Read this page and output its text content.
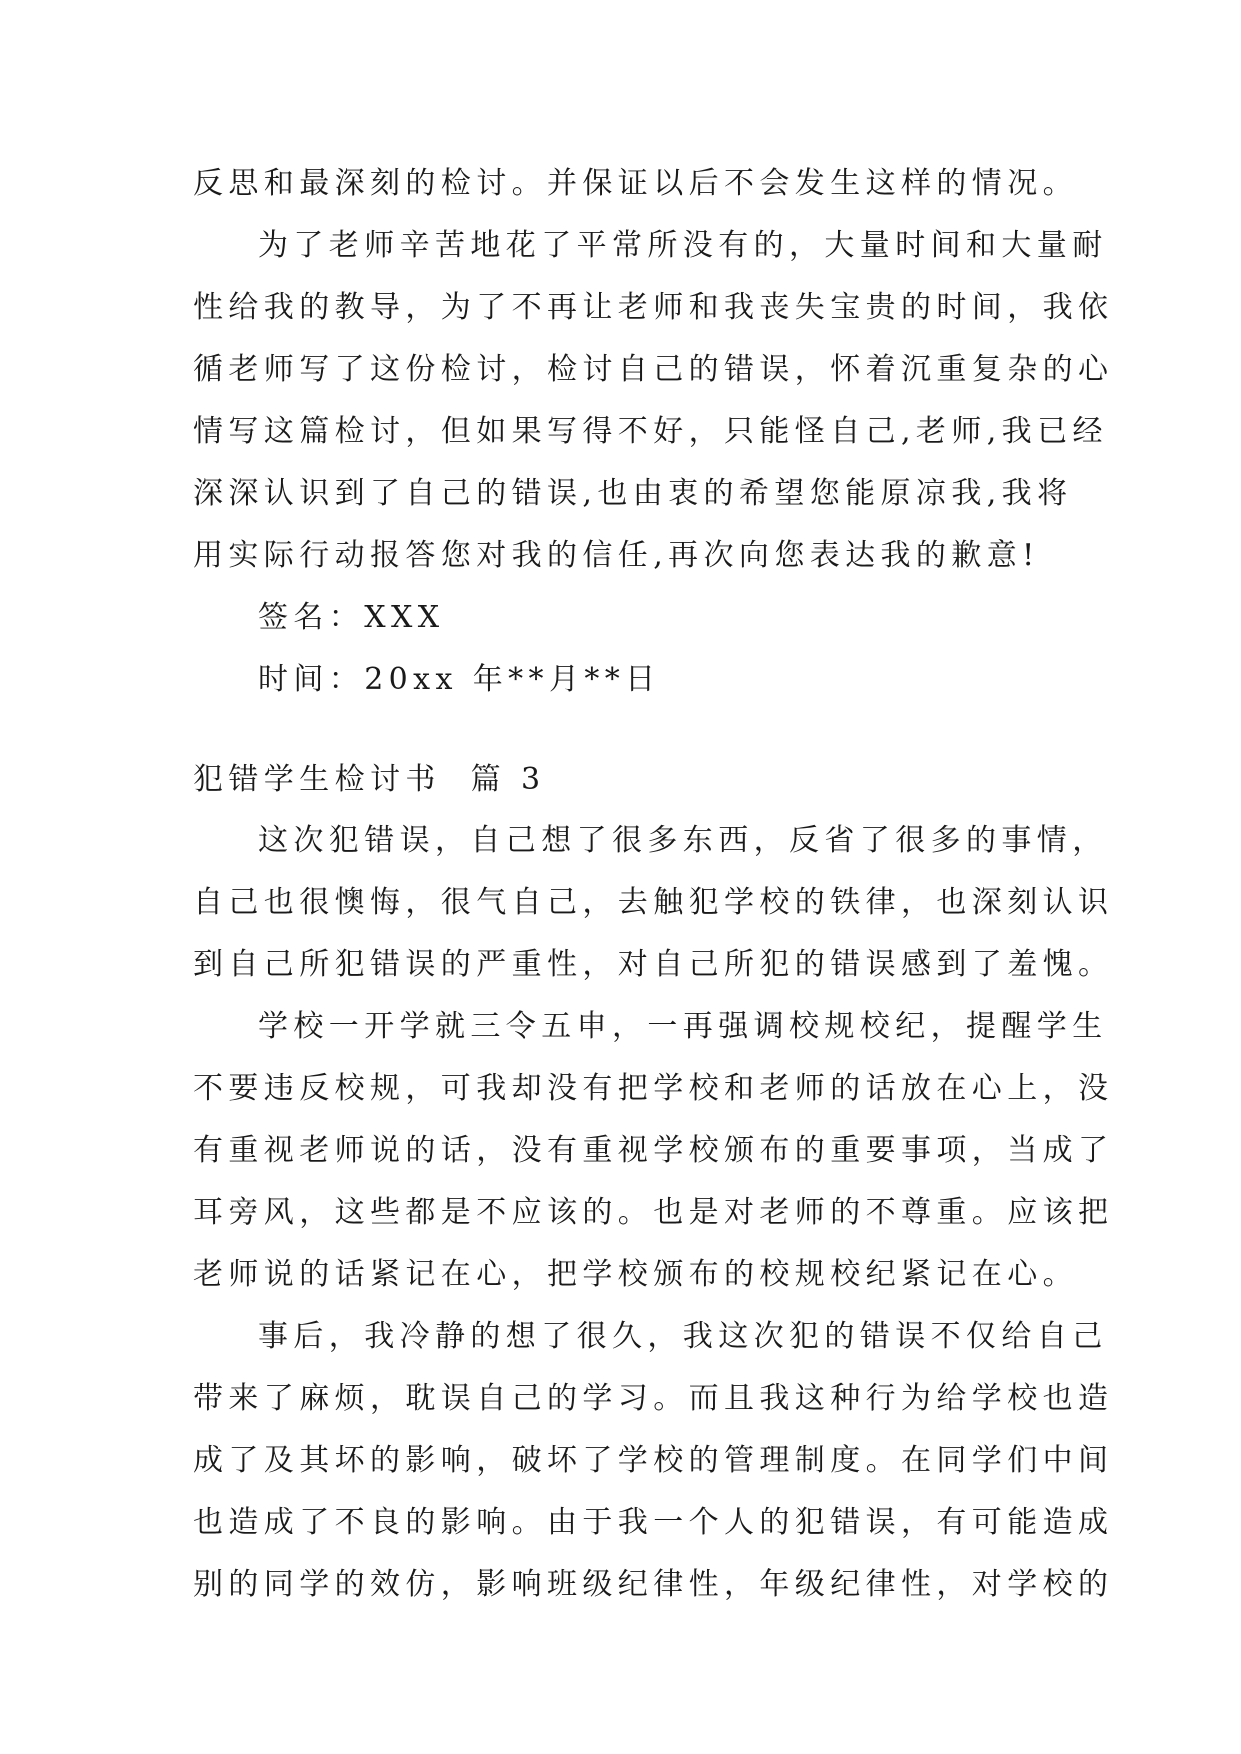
反思和最深刻的检讨。并保证以后不会发生这样的情况。

为了老师辛苦地花了平常所没有的，大量时间和大量耐

性给我的教导，为了不再让老师和我丧失宝贵的时间，我依

循老师写了这份检讨，检讨自己的错误，怀着沉重复杂的心

情写这篇检讨，但如果写得不好，只能怪自己,老师,我已经

深深认识到了自己的错误,也由衷的希望您能原凉我,我将

用实际行动报答您对我的信任,再次向您表达我的歉意!

签名：XXX

时间：20xx 年**月**日

犯错学生检讨书  篇 3

这次犯错误，自己想了很多东西，反省了很多的事情，

自己也很懊悔，很气自己，去触犯学校的铁律，也深刻认识

到自己所犯错误的严重性，对自己所犯的错误感到了羞愧。

学校一开学就三令五申，一再强调校规校纪，提醒学生

不要违反校规，可我却没有把学校和老师的话放在心上，没

有重视老师说的话，没有重视学校颁布的重要事项，当成了

耳旁风，这些都是不应该的。也是对老师的不尊重。应该把

老师说的话紧记在心，把学校颁布的校规校纪紧记在心。

事后，我冷静的想了很久，我这次犯的错误不仅给自己

带来了麻烦，耽误自己的学习。而且我这种行为给学校也造

成了及其坏的影响，破坏了学校的管理制度。在同学们中间

也造成了不良的影响。由于我一个人的犯错误，有可能造成

别的同学的效仿，影响班级纪律性，年级纪律性，对学校的
